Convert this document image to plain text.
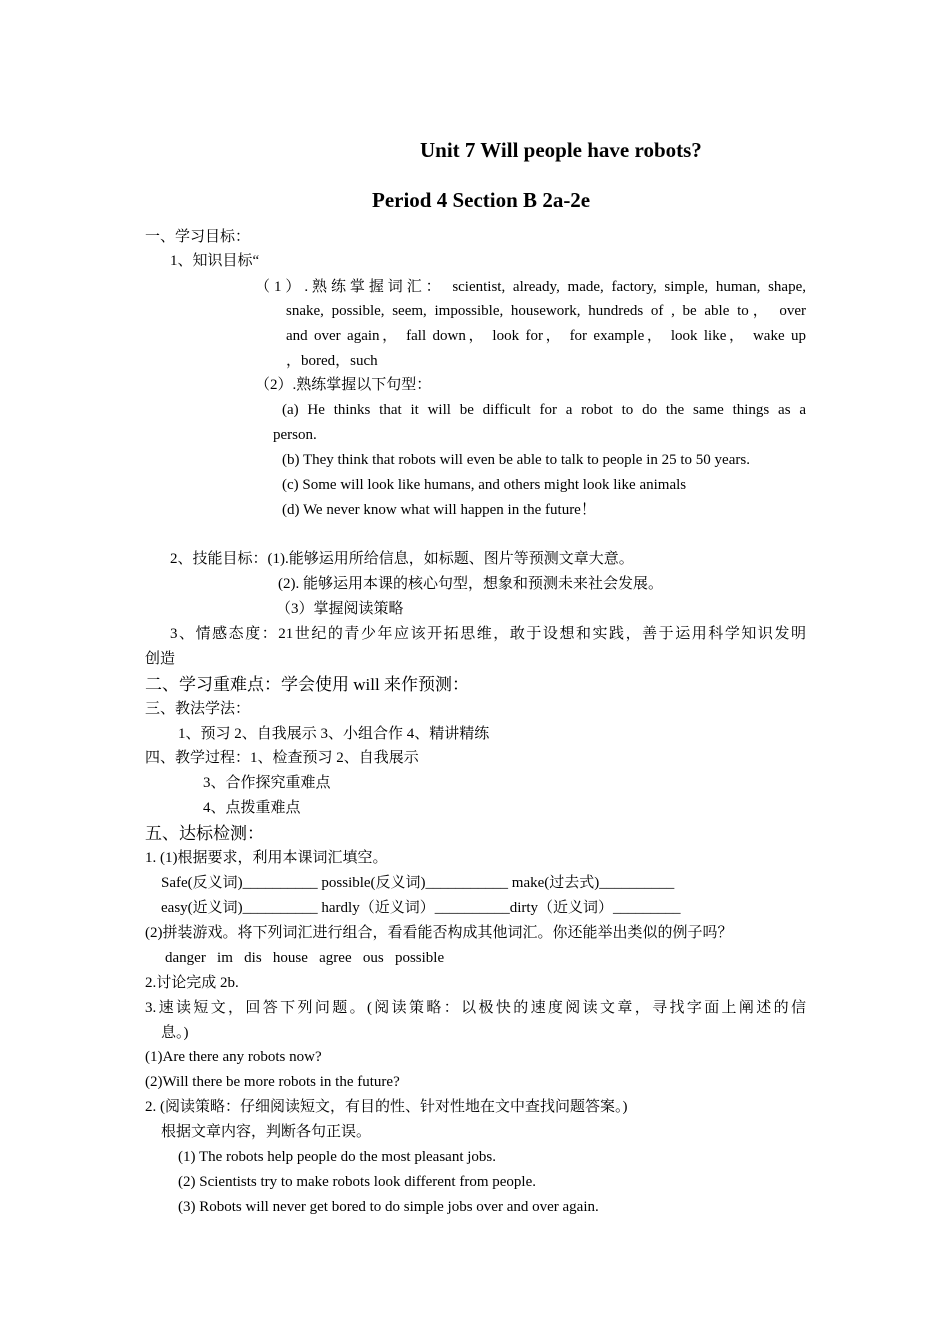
Unit 7 Will people have robots?
Period 4 Section B 2a-2e
一、学习目标：
1、知识目标“
（1）.熟练掌握词汇： scientist, already, made, factory, simple, human, shape,
snake, possible, seem, impossible, housework, hundreds of , be able to， over
and over again， fall down， look for， for example， look like， wake up
，bored，such
（2）.熟练掌握以下句型：
(a) He thinks that it will be difficult for a robot to do the same things as a
person.
(b) They think that robots will even be able to talk to people in 25 to 50 years.
(c) Some will look like humans, and others might look like animals
(d) We never know what will happen in the future！
2、技能目标：(1).能够运用所给信息，如标题、图片等预测文章大意。
(2). 能够运用本课的核心句型，想象和预测未来社会发展。
（3）掌握阅读策略
3、情感态度：21世纪的青少年应该开拓思维，敢于设想和实践，善于运用科学知识发明
创造
二、学习重难点：学会使用 will 来作预测：
三、教法学法：
1、预习 2、自我展示 3、小组合作 4、精讲精练
四、教学过程：1、检查预习 2、自我展示
3、合作探究重难点
4、点拨重难点
五、达标检测：
1. (1)根据要求，利用本课词汇填空。
Safe(反义词)__________ possible(反义词)___________ make(过去式)__________
easy(近义词)__________ hardly（近义词）__________dirty（近义词）_________
(2)拼装游戏。将下列词汇进行组合，看看能否构成其他词汇。你还能举出类似的例子吗？
danger   im   dis   house   agree   ous   possible
2.讨论完成 2b.
3.速读短文，回答下列问题。(阅读策略：以极快的速度阅读文章，寻找字面上阐述的信
息。)
(1)Are there any robots now?
(2)Will there be more robots in the future?
2. (阅读策略：仔细阅读短文，有目的性、针对性地在文中查找问题答案。)
根据文章内容，判断各句正误。
(1) The robots help people do the most pleasant jobs.
(2) Scientists try to make robots look different from people.
(3) Robots will never get bored to do simple jobs over and over again.
